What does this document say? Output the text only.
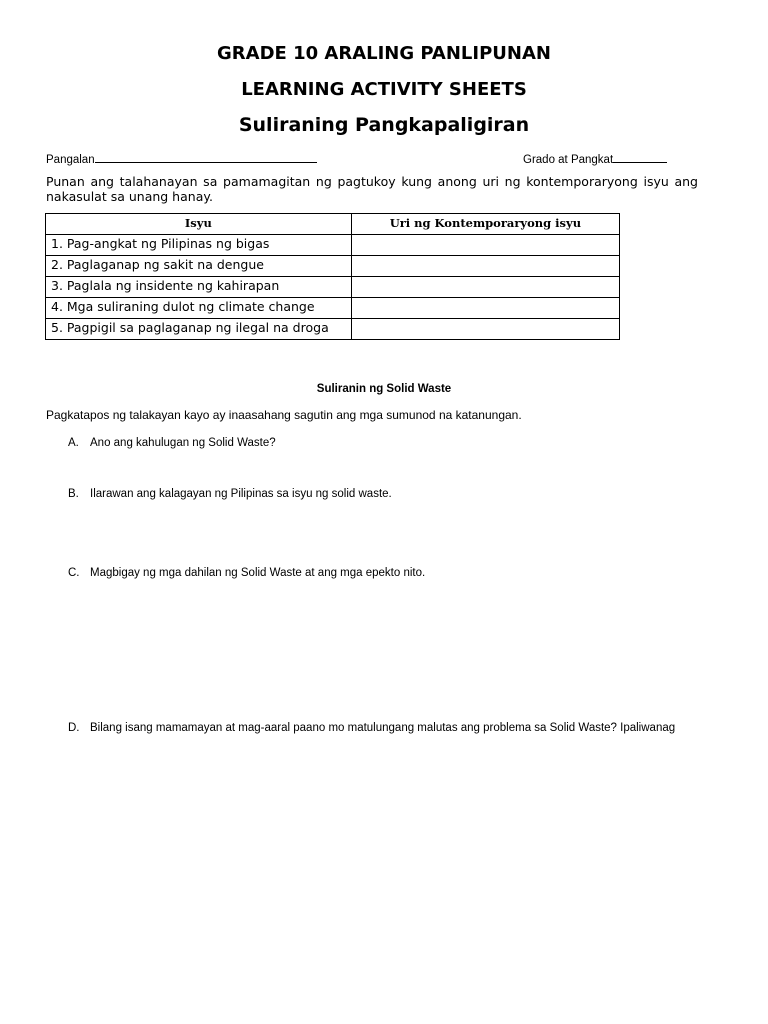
GRADE 10 ARALING PANLIPUNAN
LEARNING ACTIVITY SHEETS
Suliraning Pangkapaligiran
Pangalan	Grado at Pangkat
Punan ang talahanayan sa pamamagitan ng pagtukoy kung anong uri ng kontemporaryong isyu ang nakasulat sa unang hanay.
Isyu	Uri ng Kontemporaryong isyu
1. Pag-angkat ng Pilipinas ng bigas	
2. Paglaganap ng sakit na dengue	
3. Paglala ng insidente ng kahirapan	
4. Mga suliraning dulot ng climate change	
5. Pagpigil sa paglaganap ng ilegal na droga	
Suliranin ng Solid Waste
Pagkatapos ng talakayan kayo ay inaasahang sagutin ang mga sumunod na katanungan.
A. Ano ang kahulugan ng Solid Waste?
B. Ilarawan ang kalagayan ng Pilipinas sa isyu ng solid waste.
C. Magbigay ng mga dahilan ng Solid Waste at ang mga epekto nito.
D. Bilang isang mamamayan at mag-aaral paano mo matulungang malutas ang problema sa Solid Waste? Ipaliwanag
